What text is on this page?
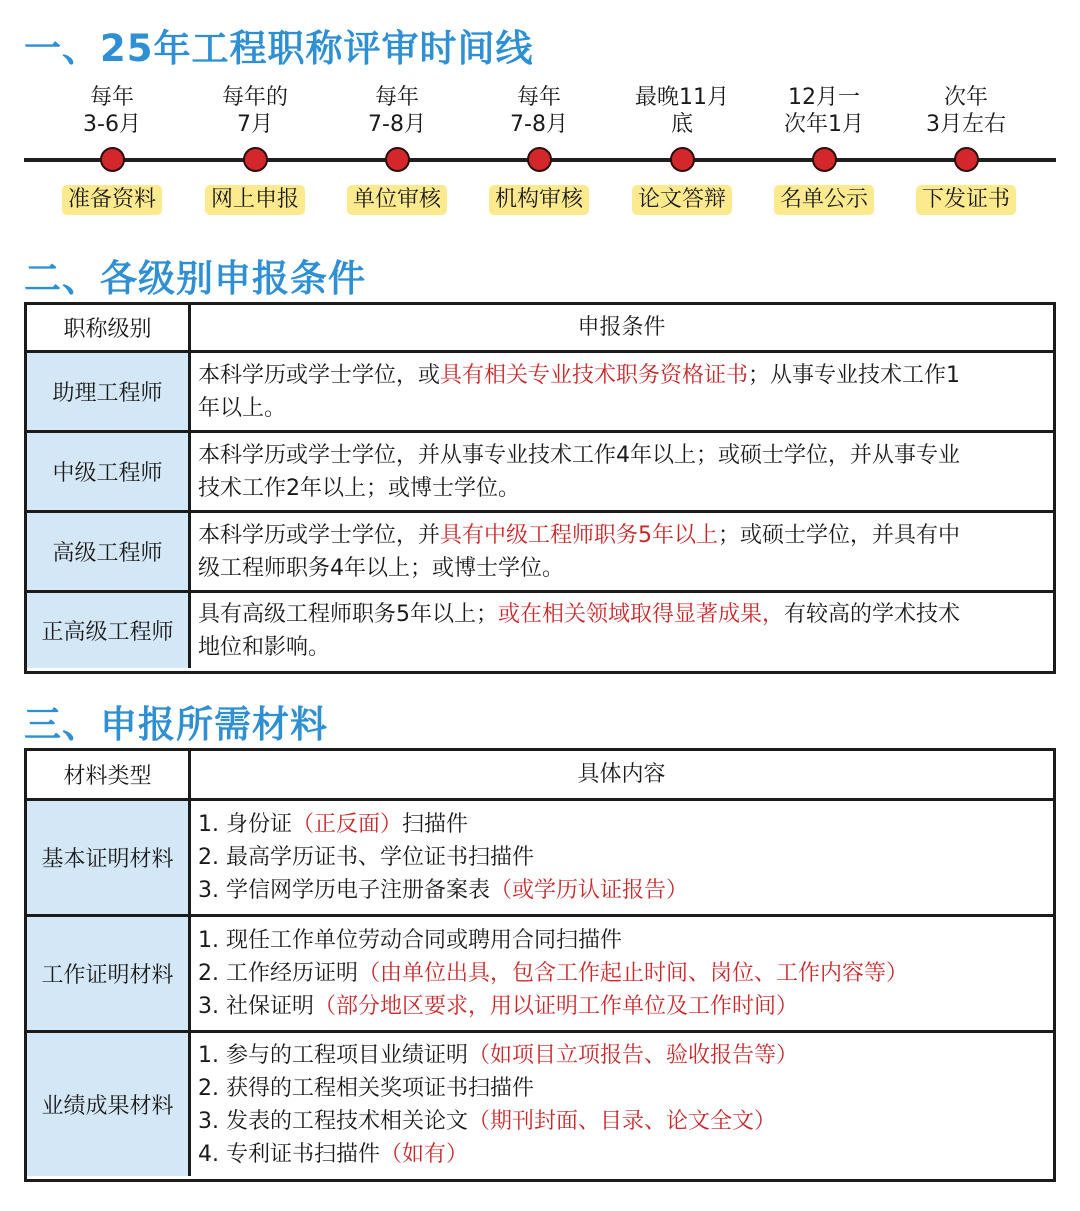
一、25年工程职称评审时间线
每年
3-6月
准备资料
每年的
7月
网上申报
每年
7-8月
单位审核
每年
7-8月
机构审核
最晚11月
底
论文答辩
12月一
次年1月
名单公示
次年
3月左右
下发证书
二、各级别申报条件
职称级别	申报条件
助理工程师
本科学历或学士学位，或具有相关专业技术职务资格证书；从事专业技术工作1
年以上。
中级工程师
本科学历或学士学位，并从事专业技术工作4年以上；或硕士学位，并从事专业
技术工作2年以上；或博士学位。
高级工程师
本科学历或学士学位，并具有中级工程师职务5年以上；或硕士学位，并具有中
级工程师职务4年以上；或博士学位。
正高级工程师
具有高级工程师职务5年以上；或在相关领域取得显著成果，有较高的学术技术
地位和影响。
三、申报所需材料
材料类型	具体内容
基本证明材料
1. 身份证（正反面）扫描件
2. 最高学历证书、学位证书扫描件
3. 学信网学历电子注册备案表（或学历认证报告）
工作证明材料
1. 现任工作单位劳动合同或聘用合同扫描件
2. 工作经历证明（由单位出具，包含工作起止时间、岗位、工作内容等）
3. 社保证明（部分地区要求，用以证明工作单位及工作时间）
业绩成果材料
1. 参与的工程项目业绩证明（如项目立项报告、验收报告等）
2. 获得的工程相关奖项证书扫描件
3. 发表的工程技术相关论文（期刊封面、目录、论文全文）
4. 专利证书扫描件（如有）
